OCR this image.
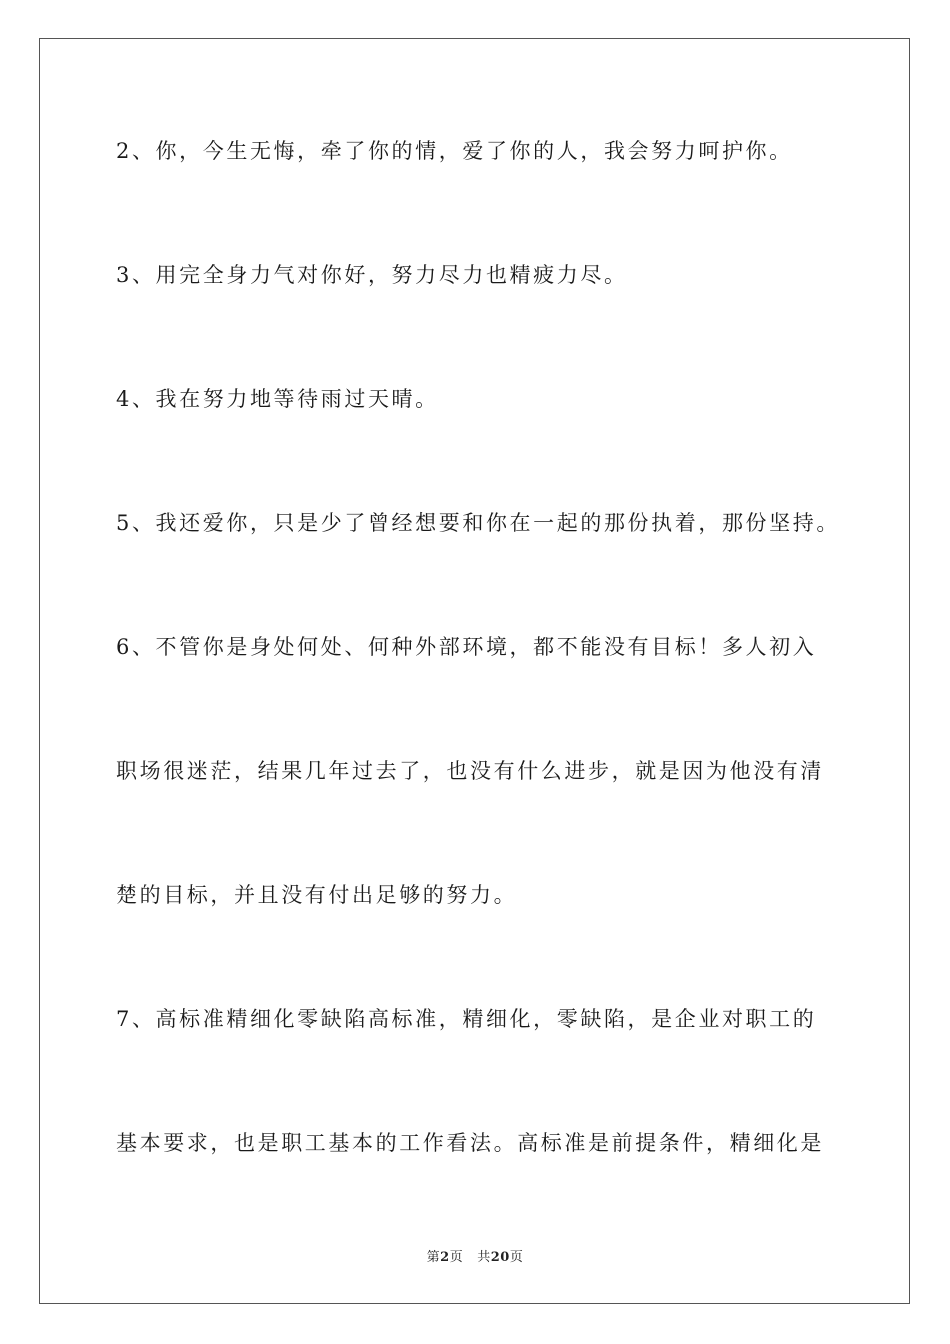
2、你，今生无悔，牵了你的情，爱了你的人，我会努力呵护你。
3、用完全身力气对你好，努力尽力也精疲力尽。
4、我在努力地等待雨过天晴。
5、我还爱你，只是少了曾经想要和你在一起的那份执着，那份坚持。
6、不管你是身处何处、何种外部环境，都不能没有目标！多人初入
职场很迷茫，结果几年过去了，也没有什么进步，就是因为他没有清
楚的目标，并且没有付出足够的努力。
7、高标准精细化零缺陷高标准，精细化，零缺陷，是企业对职工的
基本要求，也是职工基本的工作看法。高标准是前提条件，精细化是
第2页 共20页
